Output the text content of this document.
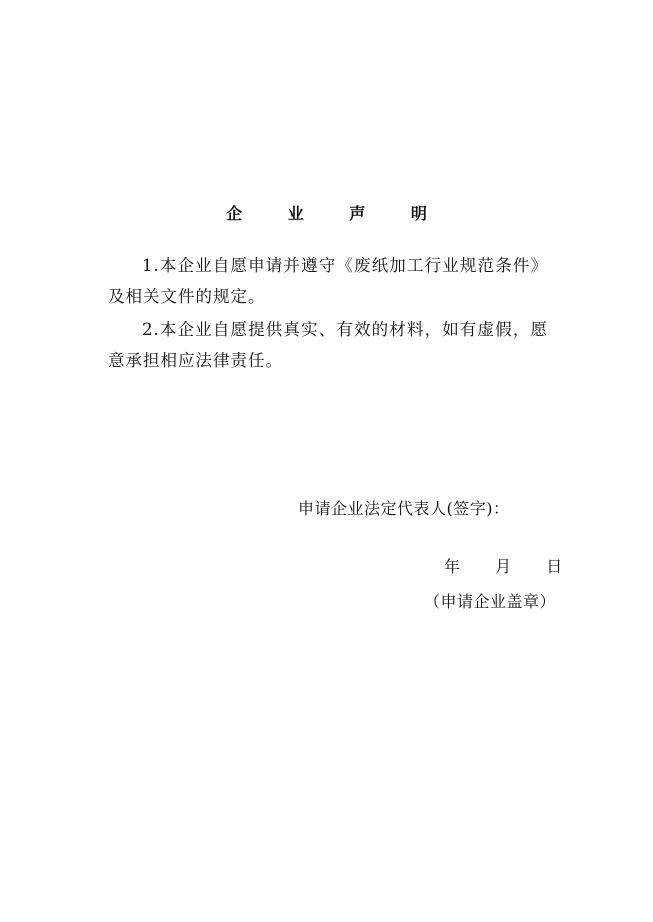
企 业 声 明
1.本企业自愿申请并遵守《废纸加工行业规范条件》及相关文件的规定。
2.本企业自愿提供真实、有效的材料，如有虚假，愿意承担相应法律责任。
申请企业法定代表人(签字)：
年 月 日
（申请企业盖章）
